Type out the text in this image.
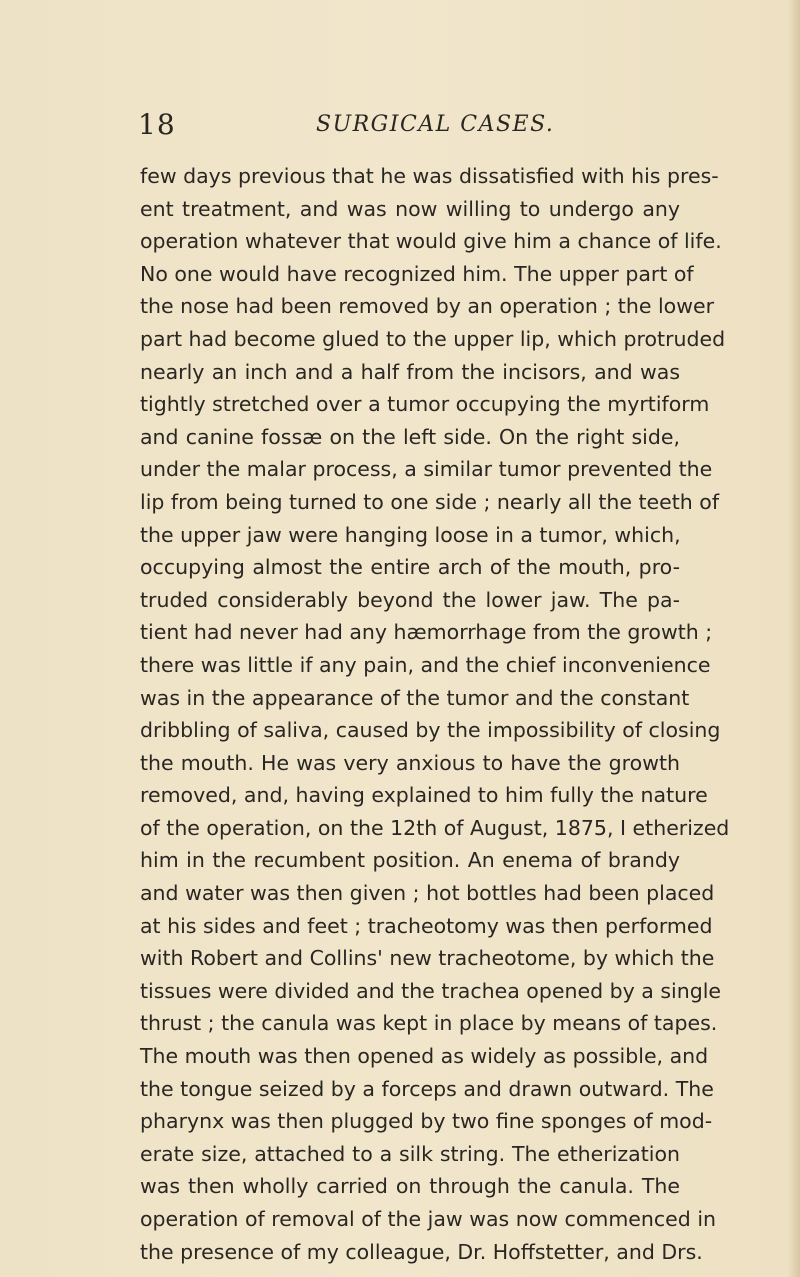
18	SURGICAL CASES.
few days previous that he was dissatisfied with his pres-
ent treatment, and was now willing to undergo any
operation whatever that would give him a chance of life.
No one would have recognized him. The upper part of
the nose had been removed by an operation ; the lower
part had become glued to the upper lip, which protruded
nearly an inch and a half from the incisors, and was
tightly stretched over a tumor occupying the myrtiform
and canine fossæ on the left side. On the right side,
under the malar process, a similar tumor prevented the
lip from being turned to one side ; nearly all the teeth of
the upper jaw were hanging loose in a tumor, which,
occupying almost the entire arch of the mouth, pro-
truded considerably beyond the lower jaw. The pa-
tient had never had any hæmorrhage from the growth ;
there was little if any pain, and the chief inconvenience
was in the appearance of the tumor and the constant
dribbling of saliva, caused by the impossibility of closing
the mouth. He was very anxious to have the growth
removed, and, having explained to him fully the nature
of the operation, on the 12th of August, 1875, I etherized
him in the recumbent position. An enema of brandy
and water was then given ; hot bottles had been placed
at his sides and feet ; tracheotomy was then performed
with Robert and Collins' new tracheotome, by which the
tissues were divided and the trachea opened by a single
thrust ; the canula was kept in place by means of tapes.
The mouth was then opened as widely as possible, and
the tongue seized by a forceps and drawn outward. The
pharynx was then plugged by two fine sponges of mod-
erate size, attached to a silk string. The etherization
was then wholly carried on through the canula. The
operation of removal of the jaw was now commenced in
the presence of my colleague, Dr. Hoffstetter, and Drs.
